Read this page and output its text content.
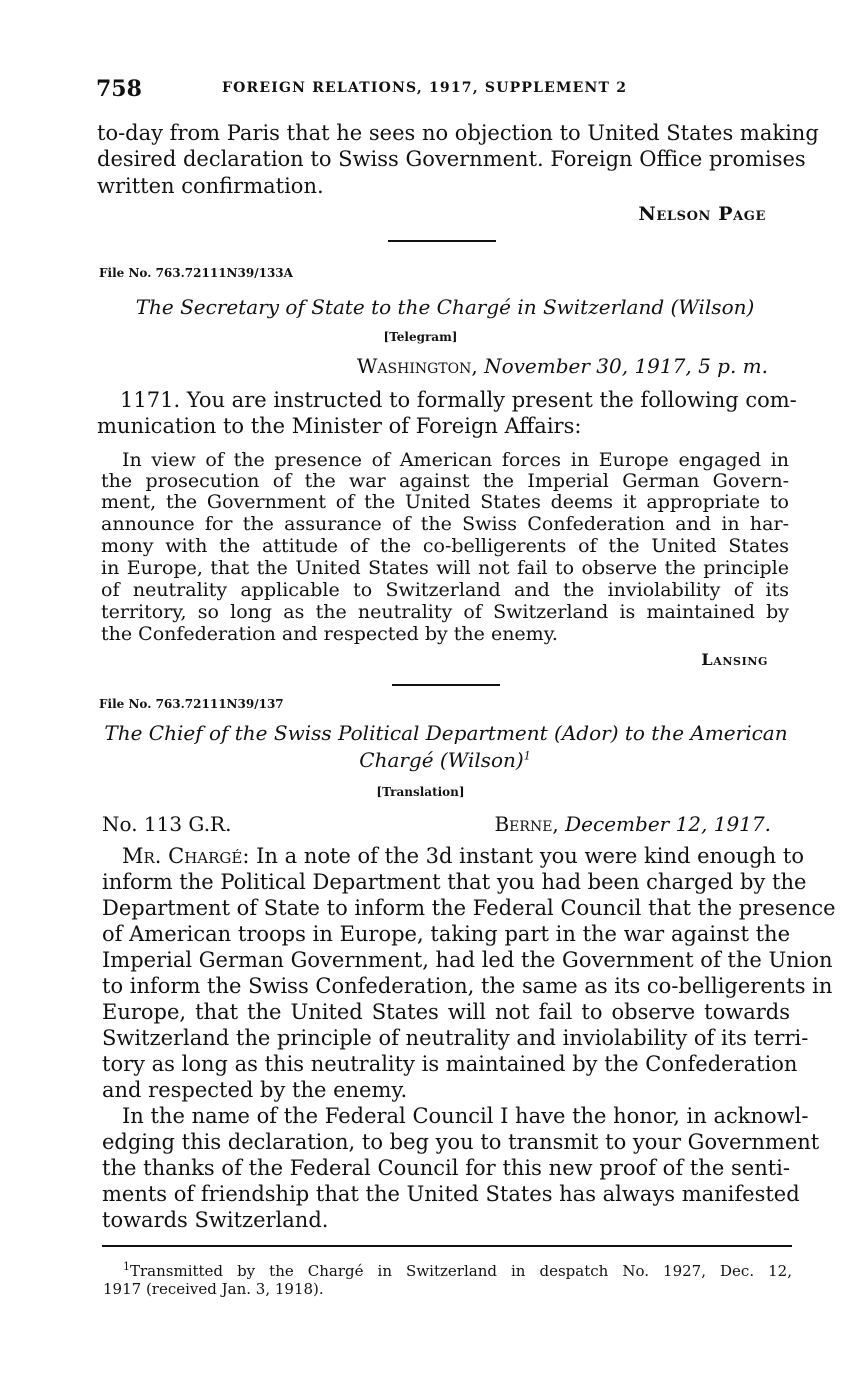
758	FOREIGN RELATIONS, 1917, SUPPLEMENT 2
to-day from Paris that he sees no objection to United States making
desired declaration to Swiss Government. Foreign Office promises
written confirmation.
Nelson Page
File No. 763.72111N39/133A
The Secretary of State to the Chargé in Switzerland (Wilson)
[Telegram]
Washington, November 30, 1917, 5 p. m.
1171. You are instructed to formally present the following com-
munication to the Minister of Foreign Affairs:
In view of the presence of American forces in Europe engaged in
the prosecution of the war against the Imperial German Govern-
ment, the Government of the United States deems it appropriate to
announce for the assurance of the Swiss Confederation and in har-
mony with the attitude of the co-belligerents of the United States
in Europe, that the United States will not fail to observe the principle
of neutrality applicable to Switzerland and the inviolability of its
territory, so long as the neutrality of Switzerland is maintained by
the Confederation and respected by the enemy.
Lansing
File No. 763.72111N39/137
The Chief of the Swiss Political Department (Ador) to the American
Chargé (Wilson)$^1$
[Translation]
No. 113 G.R.	Berne, December 12, 1917.
Mr. Chargé: In a note of the 3d instant you were kind enough to
inform the Political Department that you had been charged by the
Department of State to inform the Federal Council that the presence
of American troops in Europe, taking part in the war against the
Imperial German Government, had led the Government of the Union
to inform the Swiss Confederation, the same as its co-belligerents in
Europe, that the United States will not fail to observe towards
Switzerland the principle of neutrality and inviolability of its terri-
tory as long as this neutrality is maintained by the Confederation
and respected by the enemy.
In the name of the Federal Council I have the honor, in acknowl-
edging this declaration, to beg you to transmit to your Government
the thanks of the Federal Council for this new proof of the senti-
ments of friendship that the United States has always manifested
towards Switzerland.
$^1$Transmitted by the Chargé in Switzerland in despatch No. 1927, Dec. 12,
1917 (received Jan. 3, 1918).
